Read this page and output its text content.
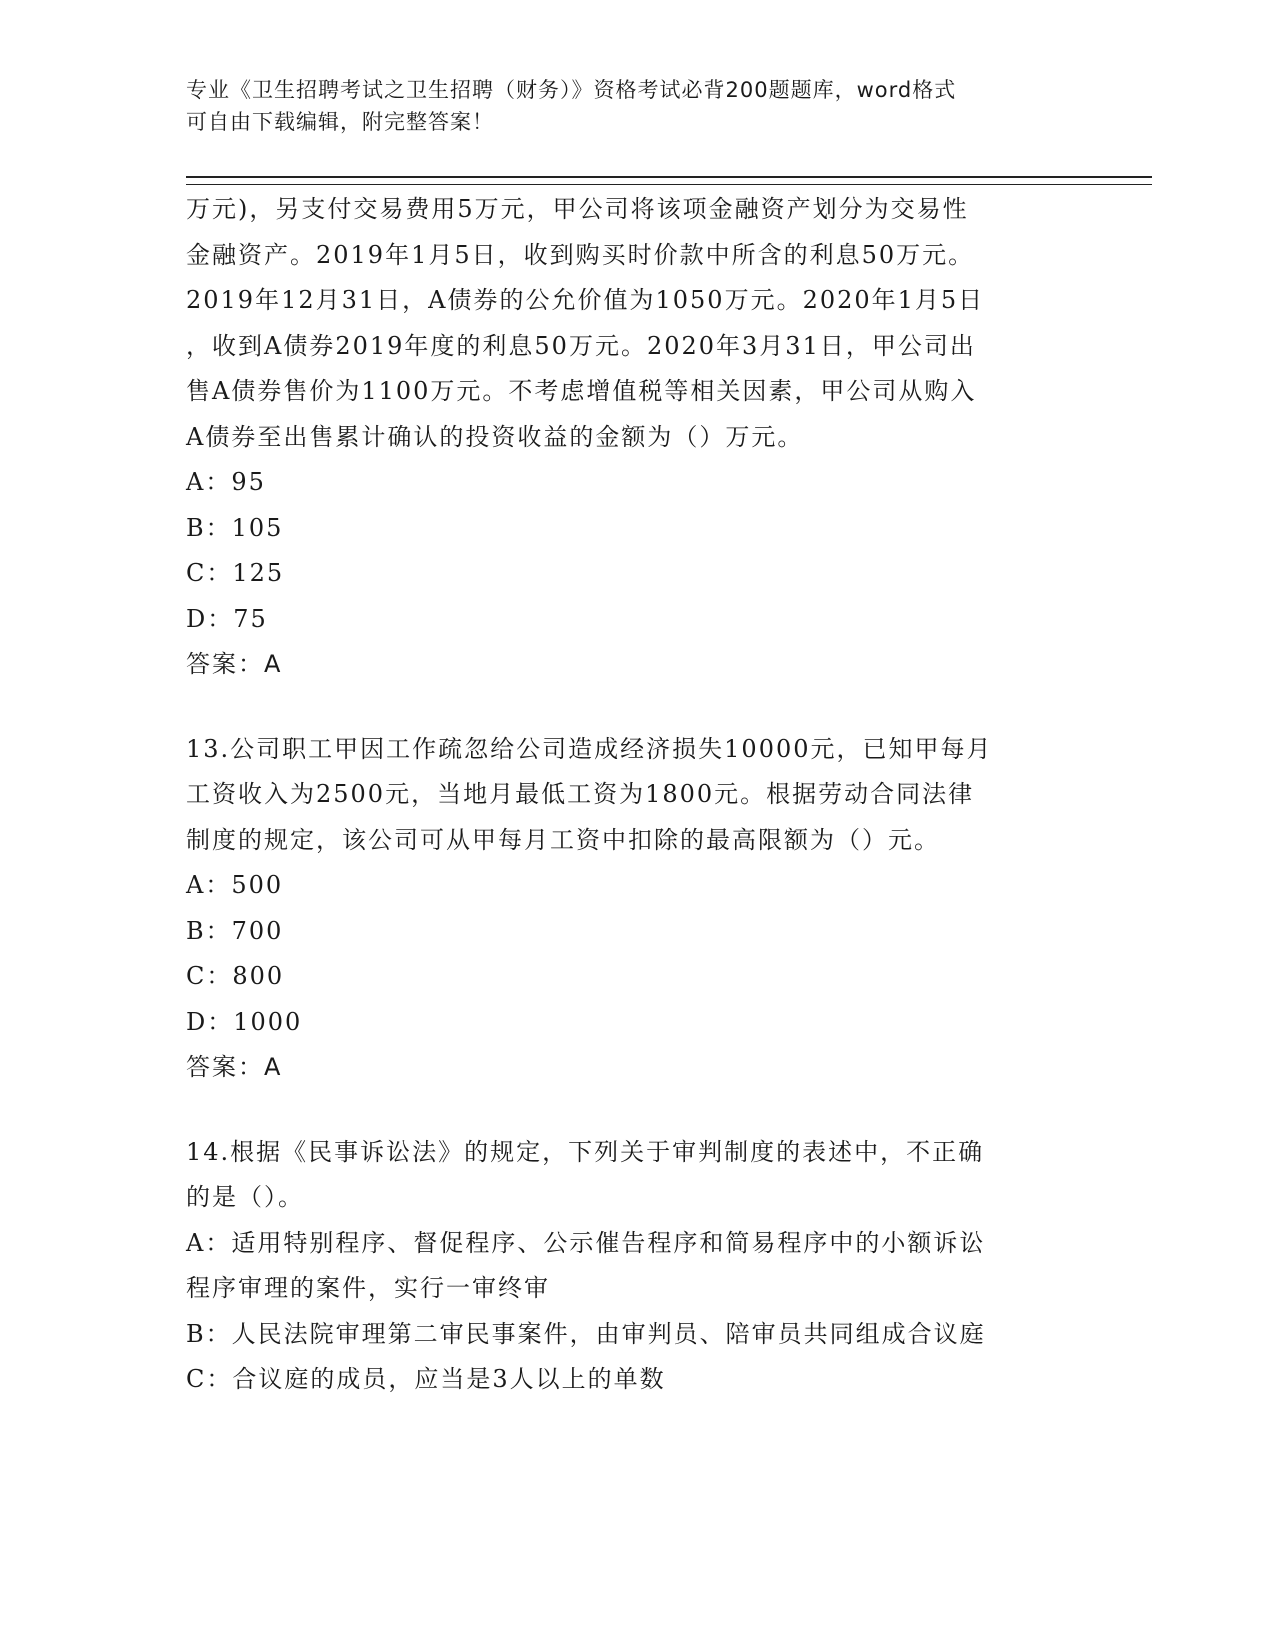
专业《卫生招聘考试之卫生招聘（财务）》资格考试必背200题题库，word格式
可自由下载编辑，附完整答案！
万元)，另支付交易费用5万元，甲公司将该项金融资产划分为交易性
金融资产。2019年1月5日，收到购买时价款中所含的利息50万元。
2019年12月31日，A债券的公允价值为1050万元。2020年1月5日
，收到A债券2019年度的利息50万元。2020年3月31日，甲公司出
售A债券售价为1100万元。不考虑增值税等相关因素，甲公司从购入
A债券至出售累计确认的投资收益的金额为（）万元。
A：95
B：105
C：125
D：75
答案：A
13.公司职工甲因工作疏忽给公司造成经济损失10000元，已知甲每月
工资收入为2500元，当地月最低工资为1800元。根据劳动合同法律
制度的规定，该公司可从甲每月工资中扣除的最高限额为（）元。
A：500
B：700
C：800
D：1000
答案：A
14.根据《民事诉讼法》的规定，下列关于审判制度的表述中，不正确
的是（）。
A：适用特别程序、督促程序、公示催告程序和简易程序中的小额诉讼
程序审理的案件，实行一审终审
B：人民法院审理第二审民事案件，由审判员、陪审员共同组成合议庭
C：合议庭的成员，应当是3人以上的单数
